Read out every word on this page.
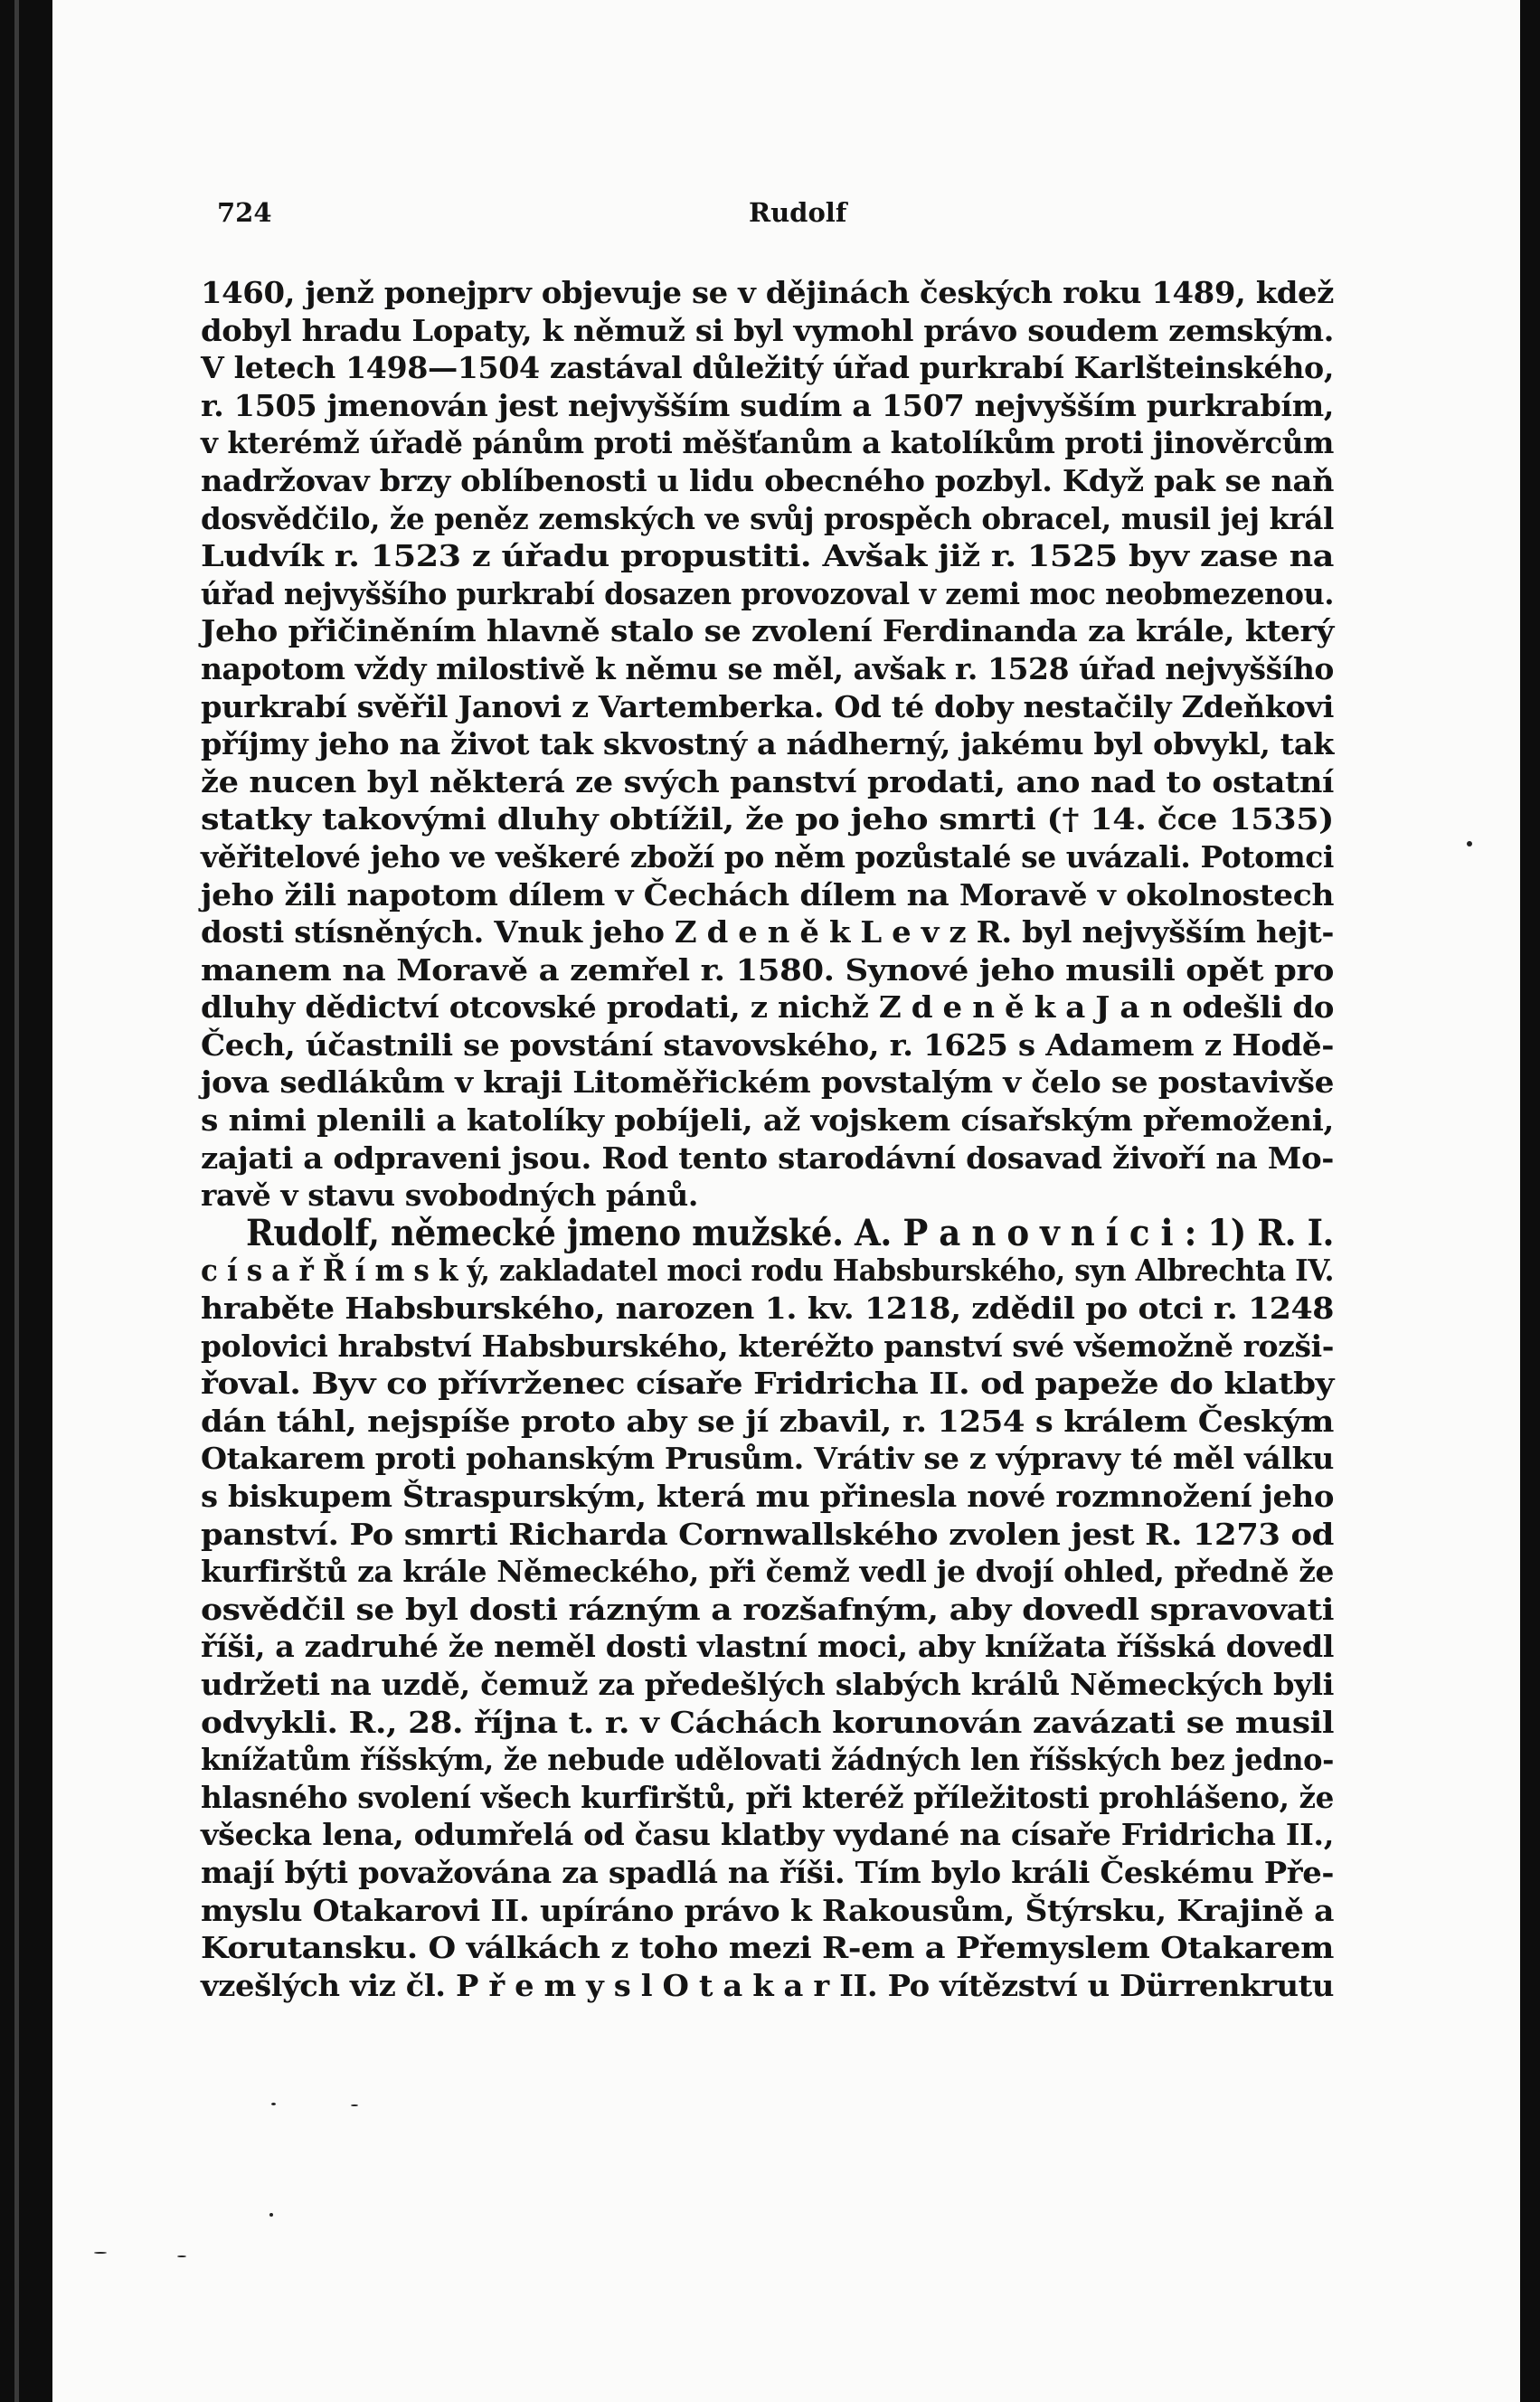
724	Rudolf
1460, jenž ponejprv objevuje se v dějinách českých roku 1489, kdež
dobyl hradu Lopaty, k němuž si byl vymohl právo soudem zemským.
V letech 1498—1504 zastával důležitý úřad purkrabí Karlšteinského,
r. 1505 jmenován jest nejvyšším sudím a 1507 nejvyšším purkrabím,
v kterémž úřadě pánům proti měšťanům a katolíkům proti jinověrcům
nadržovav brzy oblíbenosti u lidu obecného pozbyl. Když pak se naň
dosvědčilo, že peněz zemských ve svůj prospěch obracel, musil jej král
Ludvík r. 1523 z úřadu propustiti. Avšak již r. 1525 byv zase na
úřad nejvyššího purkrabí dosazen provozoval v zemi moc neobmezenou.
Jeho přičiněním hlavně stalo se zvolení Ferdinanda za krále, který
napotom vždy milostivě k němu se měl, avšak r. 1528 úřad nejvyššího
purkrabí svěřil Janovi z Vartemberka. Od té doby nestačily Zdeňkovi
příjmy jeho na život tak skvostný a nádherný, jakému byl obvykl, tak
že nucen byl některá ze svých panství prodati, ano nad to ostatní
statky takovými dluhy obtížil, že po jeho smrti († 14. čce 1535)
věřitelové jeho ve veškeré zboží po něm pozůstalé se uvázali. Potomci
jeho žili napotom dílem v Čechách dílem na Moravě v okolnostech
dosti stísněných. Vnuk jeho Z d e n ě k L e v z R. byl nejvyšším hejt-
manem na Moravě a zemřel r. 1580. Synové jeho musili opět pro
dluhy dědictví otcovské prodati, z nichž Z d e n ě k a J a n odešli do
Čech, účastnili se povstání stavovského, r. 1625 s Adamem z Hodě-
jova sedlákům v kraji Litoměřickém povstalým v čelo se postavivše
s nimi plenili a katolíky pobíjeli, až vojskem císařským přemoženi,
zajati a odpraveni jsou. Rod tento starodávní dosavad živoří na Mo-
ravě v stavu svobodných pánů.
Rudolf, německé jmeno mužské. A. P a n o v n í c i : 1) R. I.
c í s a ř Ř í m s k ý, zakladatel moci rodu Habsburského, syn Albrechta IV.
hraběte Habsburského, narozen 1. kv. 1218, zdědil po otci r. 1248
polovici hrabství Habsburského, kteréžto panství své všemožně rozši-
řoval. Byv co přívrženec císaře Fridricha II. od papeže do klatby
dán táhl, nejspíše proto aby se jí zbavil, r. 1254 s králem Českým
Otakarem proti pohanským Prusům. Vrátiv se z výpravy té měl válku
s biskupem Štraspurským, která mu přinesla nové rozmnožení jeho
panství. Po smrti Richarda Cornwallského zvolen jest R. 1273 od
kurfirštů za krále Německého, při čemž vedl je dvojí ohled, předně že
osvědčil se byl dosti rázným a rozšafným, aby dovedl spravovati
říši, a zadruhé že neměl dosti vlastní moci, aby knížata říšská dovedl
udržeti na uzdě, čemuž za předešlých slabých králů Německých byli
odvykli. R., 28. října t. r. v Cáchách korunován zavázati se musil
knížatům říšským, že nebude udělovati žádných len říšských bez jedno-
hlasného svolení všech kurfirštů, při kteréž příležitosti prohlášeno, že
všecka lena, odumřelá od času klatby vydané na císaře Fridricha II.,
mají býti považována za spadlá na říši. Tím bylo králi Českému Pře-
myslu Otakarovi II. upíráno právo k Rakousům, Štýrsku, Krajině a
Korutansku. O válkách z toho mezi R-em a Přemyslem Otakarem
vzešlých viz čl. P ř e m y s l O t a k a r II. Po vítězství u Dürrenkrutu
